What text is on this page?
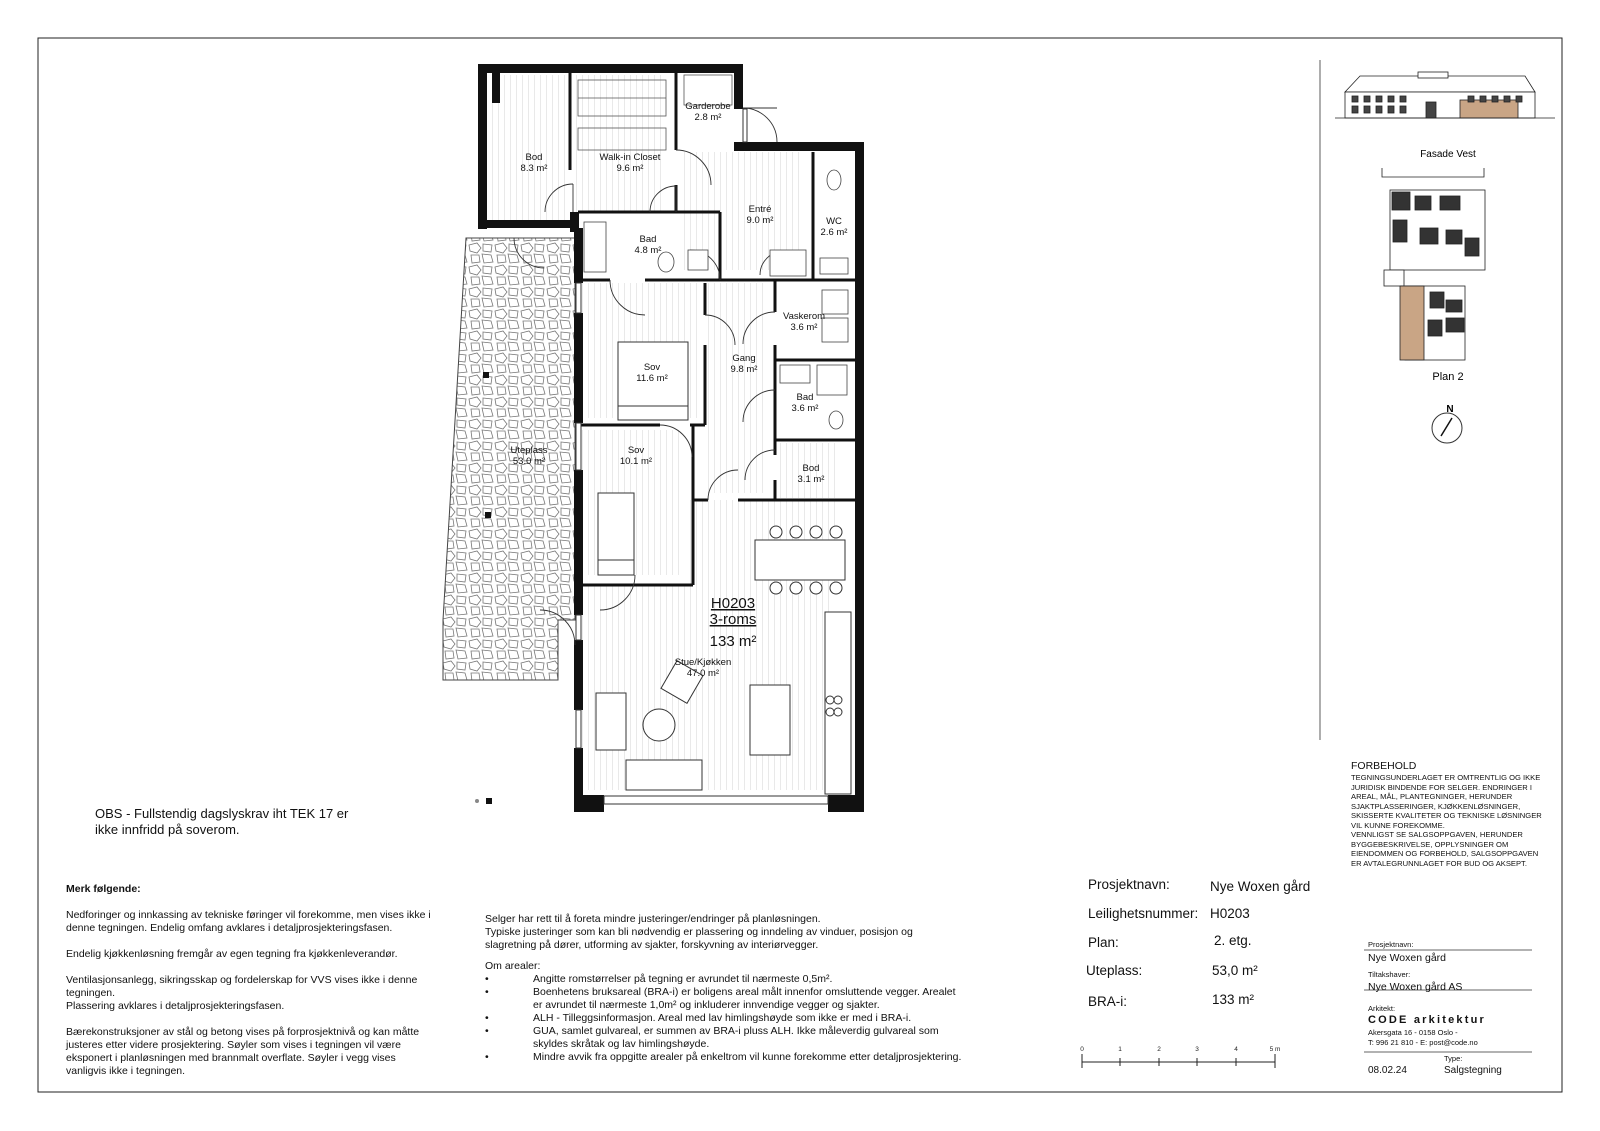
Bod
8.3 m²
Walk-in Closet
9.6 m²
Garderobe
2.8 m²
Entré
9.0 m²	WC
2.6 m²
Bad
4.8 m²
Vaskerom
3.6 m²
Sov
11.6 m²
Gang
9.8 m²
Bad
3.6 m²
Uteplass
53.0 m²
Sov
10.1 m²
Bod
3.1 m²
Stue/Kjøkken
47.0 m²
H0203
3-roms
133 m²
Fasade Vest
Plan 2
N
0	1	2	3	4	5 m
OBS - Fullstendig dagslyskrav iht TEK 17 er
ikke innfridd på soverom.
Merk følgende:
Nedforinger og innkassing av tekniske føringer vil forekomme, men vises ikke i
denne tegningen. Endelig omfang avklares i detaljprosjekteringsfasen.
Endelig kjøkkenløsning fremgår av egen tegning fra kjøkkenleverandør.
Ventilasjonsanlegg, sikringsskap og fordelerskap for VVS vises ikke i denne
tegningen.
Plassering avklares i detaljprosjekteringsfasen.
Bærekonstruksjoner av stål og betong vises på forprosjektnivå og kan måtte
justeres etter videre prosjektering. Søyler som vises i tegningen vil være
eksponert i planløsningen med brannmalt overflate. Søyler i vegg vises
vanligvis ikke i tegningen.
Selger har rett til å foreta mindre justeringer/endringer på planløsningen.
Typiske justeringer som kan bli nødvendig er plassering og inndeling av vinduer, posisjon og
slagretning på dører, utforming av sjakter, forskyvning av interiørvegger.
Om arealer:
•	Angitte romstørrelser på tegning er avrundet til nærmeste 0,5m².
•	Boenhetens bruksareal (BRA-i) er boligens areal målt innenfor omsluttende vegger. Arealet
er avrundet til nærmeste 1,0m² og inkluderer innvendige vegger og sjakter.
•	ALH - Tilleggsinformasjon. Areal med lav himlingshøyde som ikke er med i BRA-i.
•	GUA, samlet gulvareal, er summen av BRA-i pluss ALH. Ikke måleverdig gulvareal som
skyldes skråtak og lav himlingshøyde.
•	Mindre avvik fra oppgitte arealer på enkeltrom vil kunne forekomme etter detaljprosjektering.
Prosjektnavn:	Nye Woxen gård
Leilighetsnummer: H0203
Plan:	2. etg.
Uteplass:	53,0 m²
BRA-i:	133 m²
FORBEHOLD
TEGNINGSUNDERLAGET ER OMTRENTLIG OG IKKE
JURIDISK BINDENDE FOR SELGER. ENDRINGER I
AREAL, MÅL, PLANTEGNINGER, HERUNDER
SJAKTPLASSERINGER, KJØKKENLØSNINGER,
SKISSERTE KVALITETER OG TEKNISKE LØSNINGER
VIL KUNNE FOREKOMME.
VENNLIGST SE SALGSOPPGAVEN, HERUNDER
BYGGEBESKRIVELSE, OPPLYSNINGER OM
EIENDOMMEN OG FORBEHOLD, SALGSOPPGAVEN
ER AVTALEGRUNNLAGET FOR BUD OG AKSEPT.
Prosjektnavn:
Nye Woxen gård
Tiltakshaver:
Nye Woxen gård AS
Arkitekt:
CODE arkitektur
Akersgata 16 - 0158 Oslo -
T: 996 21 810 - E: post@code.no
08.02.24
Type:
Salgstegning
